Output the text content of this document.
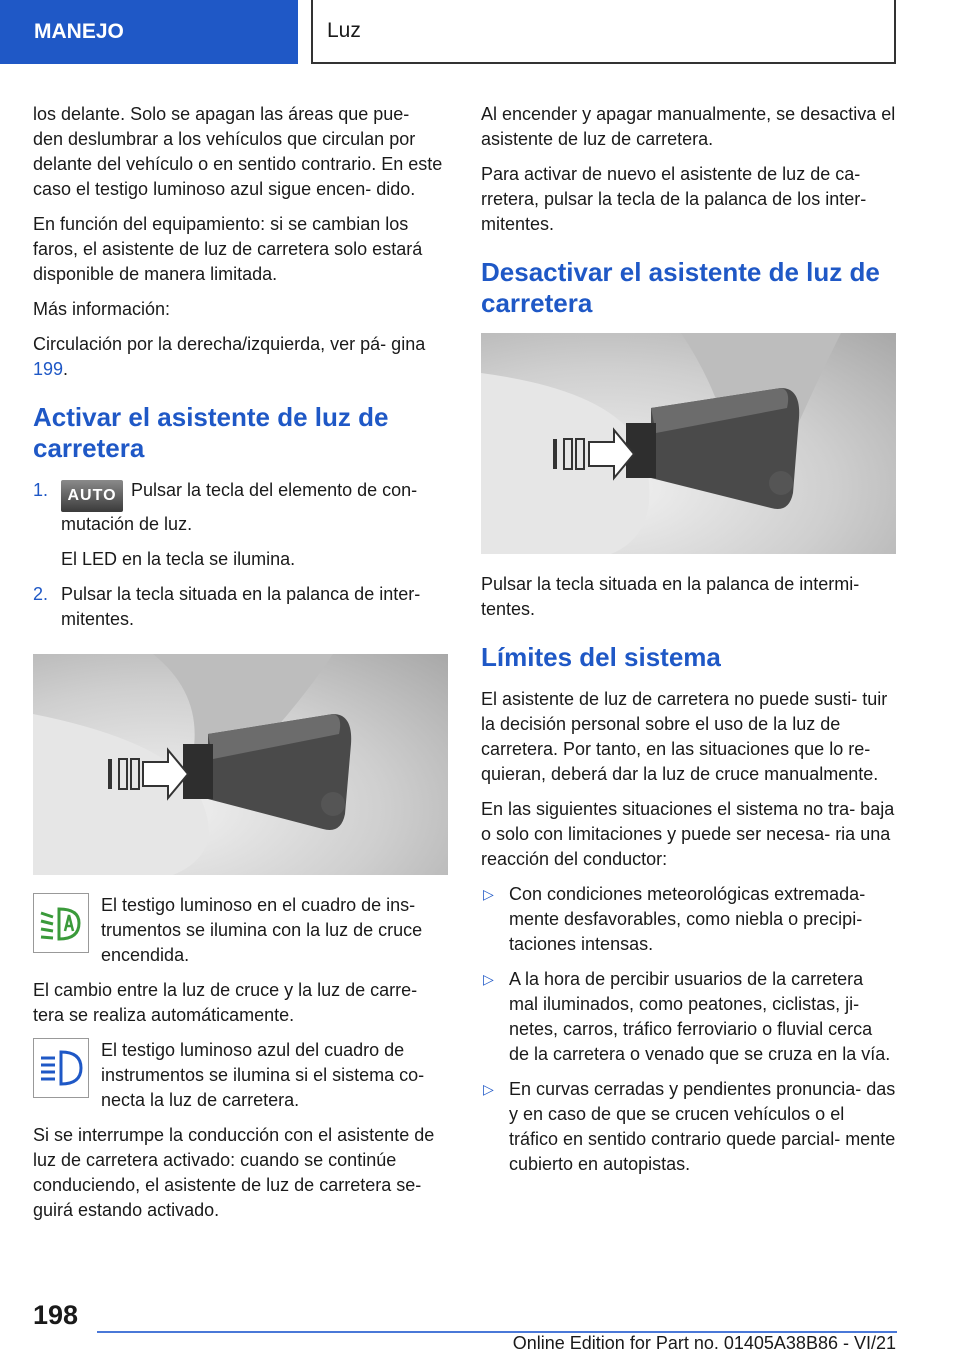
MANEJO	Luz

los delante. Solo se apagan las áreas que pue- den deslumbrar a los vehículos que circulan por delante del vehículo o en sentido contrario. En este caso el testigo luminoso azul sigue encen- dido.

En función del equipamiento: si se cambian los faros, el asistente de luz de carretera solo estará disponible de manera limitada.

Más información:

Circulación por la derecha/izquierda, ver pá- gina 199.

Activar el asistente de luz de carretera
1. AUTO Pulsar la tecla del elemento de con- mutación de luz.

El LED en la tecla se ilumina.

2. Pulsar la tecla situada en la palanca de inter- mitentes.
El testigo luminoso en el cuadro de ins- trumentos se ilumina con la luz de cruce encendida.

El cambio entre la luz de cruce y la luz de carre- tera se realiza automáticamente.

El testigo luminoso azul del cuadro de instrumentos se ilumina si el sistema co- necta la luz de carretera.

Si se interrumpe la conducción con el asistente de luz de carretera activado: cuando se continúe conduciendo, el asistente de luz de carretera se- guirá estando activado.

Al encender y apagar manualmente, se desactiva el asistente de luz de carretera.

Para activar de nuevo el asistente de luz de ca- rretera, pulsar la tecla de la palanca de los inter- mitentes.

Desactivar el asistente de luz de carretera

Pulsar la tecla situada en la palanca de intermi- tentes.

Límites del sistema

El asistente de luz de carretera no puede susti- tuir la decisión personal sobre el uso de la luz de carretera. Por tanto, en las situaciones que lo re- quieran, deberá dar la luz de cruce manualmente.

En las siguientes situaciones el sistema no tra- baja o solo con limitaciones y puede ser necesa- ria una reacción del conductor:

▷ Con condiciones meteorológicas extremada- mente desfavorables, como niebla o precipi- taciones intensas.
▷ A la hora de percibir usuarios de la carretera mal iluminados, como peatones, ciclistas, ji- netes, carros, tráfico ferroviario o fluvial cerca de la carretera o venado que se cruza en la vía.
▷ En curvas cerradas y pendientes pronuncia- das y en caso de que se crucen vehículos o el tráfico en sentido contrario quede parcial- mente cubierto en autopistas.
198
Online Edition for Part no. 01405A38B86 - VI/21
